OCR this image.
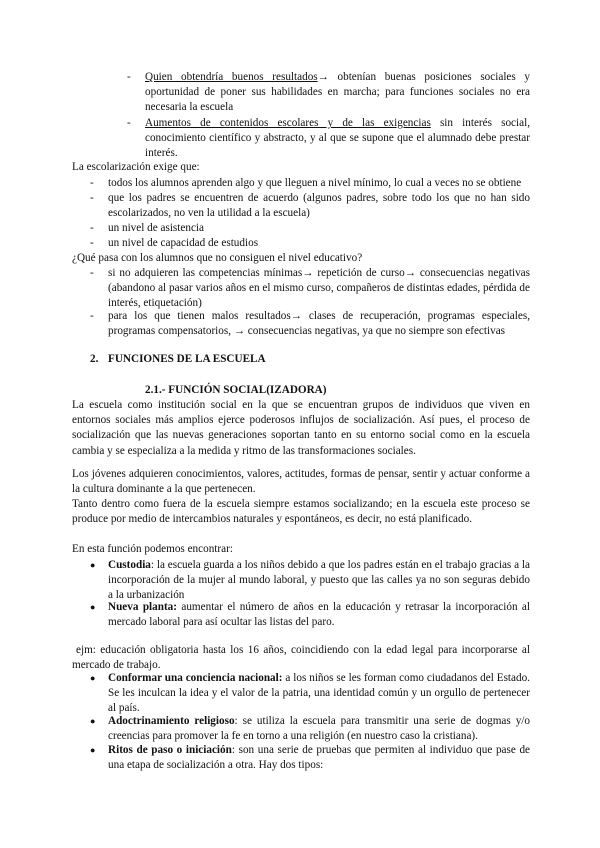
- Quien obtendría buenos resultados→ obtenían buenas posiciones sociales y oportunidad de poner sus habilidades en marcha; para funciones sociales no era necesaria la escuela

- Aumentos de contenidos escolares y de las exigencias sin interés social, conocimiento científico y abstracto, y al que se supone que el alumnado debe prestar interés.

La escolarización exige que:

- todos los alumnos aprenden algo y que lleguen a nivel mínimo, lo cual a veces no se obtiene

- que los padres se encuentren de acuerdo (algunos padres, sobre todo los que no han sido escolarizados, no ven la utilidad a la escuela)

- un nivel de asistencia

- un nivel de capacidad de estudios

¿Qué pasa con los alumnos que no consiguen el nivel educativo?

- si no adquieren las competencias mínimas→ repetición de curso→ consecuencias negativas (abandono al pasar varios años en el mismo curso, compañeros de distintas edades, pérdida de interés, etiquetación)

- para los que tienen malos resultados→ clases de recuperación, programas especiales, programas compensatorios, → consecuencias negativas, ya que no siempre son efectivas

2. FUNCIONES DE LA ESCUELA
2.1.- FUNCIÓN SOCIAL(IZADORA)

La escuela como institución social en la que se encuentran grupos de individuos que viven en entornos sociales más amplios ejerce poderosos influjos de socialización. Así pues, el proceso de socialización que las nuevas generaciones soportan tanto en su entorno social como en la escuela cambia y se especializa a la medida y ritmo de las transformaciones sociales.

Los jóvenes adquieren conocimientos, valores, actitudes, formas de pensar, sentir y actuar conforme a la cultura dominante a la que pertenecen.

Tanto dentro como fuera de la escuela siempre estamos socializando; en la escuela este proceso se produce por medio de intercambios naturales y espontáneos, es decir, no está planificado.

En esta función podemos encontrar:

● Custodia: la escuela guarda a los niños debido a que los padres están en el trabajo gracias a la incorporación de la mujer al mundo laboral, y puesto que las calles ya no son seguras debido a la urbanización

● Nueva planta: aumentar el número de años en la educación y retrasar la incorporación al mercado laboral para así ocultar las listas del paro.

ejm: educación obligatoria hasta los 16 años, coincidiendo con la edad legal para incorporarse al mercado de trabajo.

● Conformar una conciencia nacional: a los niños se les forman como ciudadanos del Estado. Se les inculcan la idea y el valor de la patria, una identidad común y un orgullo de pertenecer al país.

● Adoctrinamiento religioso: se utiliza la escuela para transmitir una serie de dogmas y/o creencias para promover la fe en torno a una religión (en nuestro caso la cristiana).

● Ritos de paso o iniciación: son una serie de pruebas que permiten al individuo que pase de una etapa de socialización a otra. Hay dos tipos:
